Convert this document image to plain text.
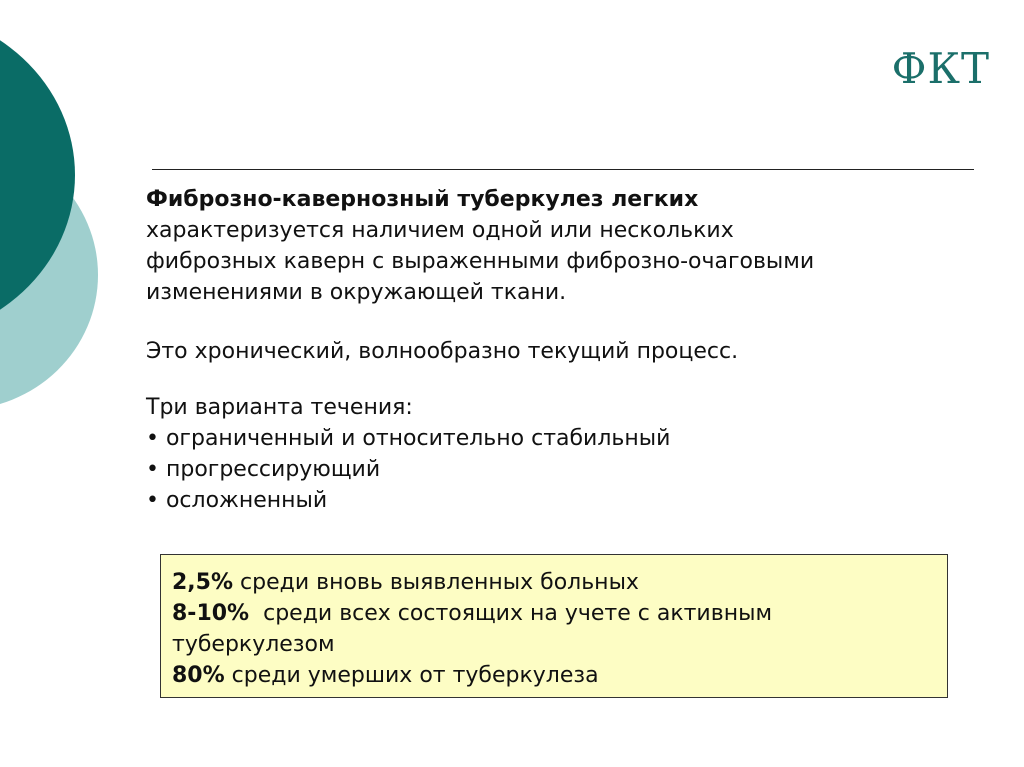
ФКТ

Фиброзно-кавернозный туберкулез легких

характеризуется наличием одной или нескольких

фиброзных каверн с выраженными фиброзно-очаговыми

изменениями в окружающей ткани.

Это хронический, волнообразно текущий процесс.

Три варианта течения:

• ограниченный и относительно стабильный

• прогрессирующий

• осложненный

2,5% среди вновь выявленных больных

8-10%  среди всех состоящих на учете с активным

туберкулезом

80% среди умерших от туберкулеза
